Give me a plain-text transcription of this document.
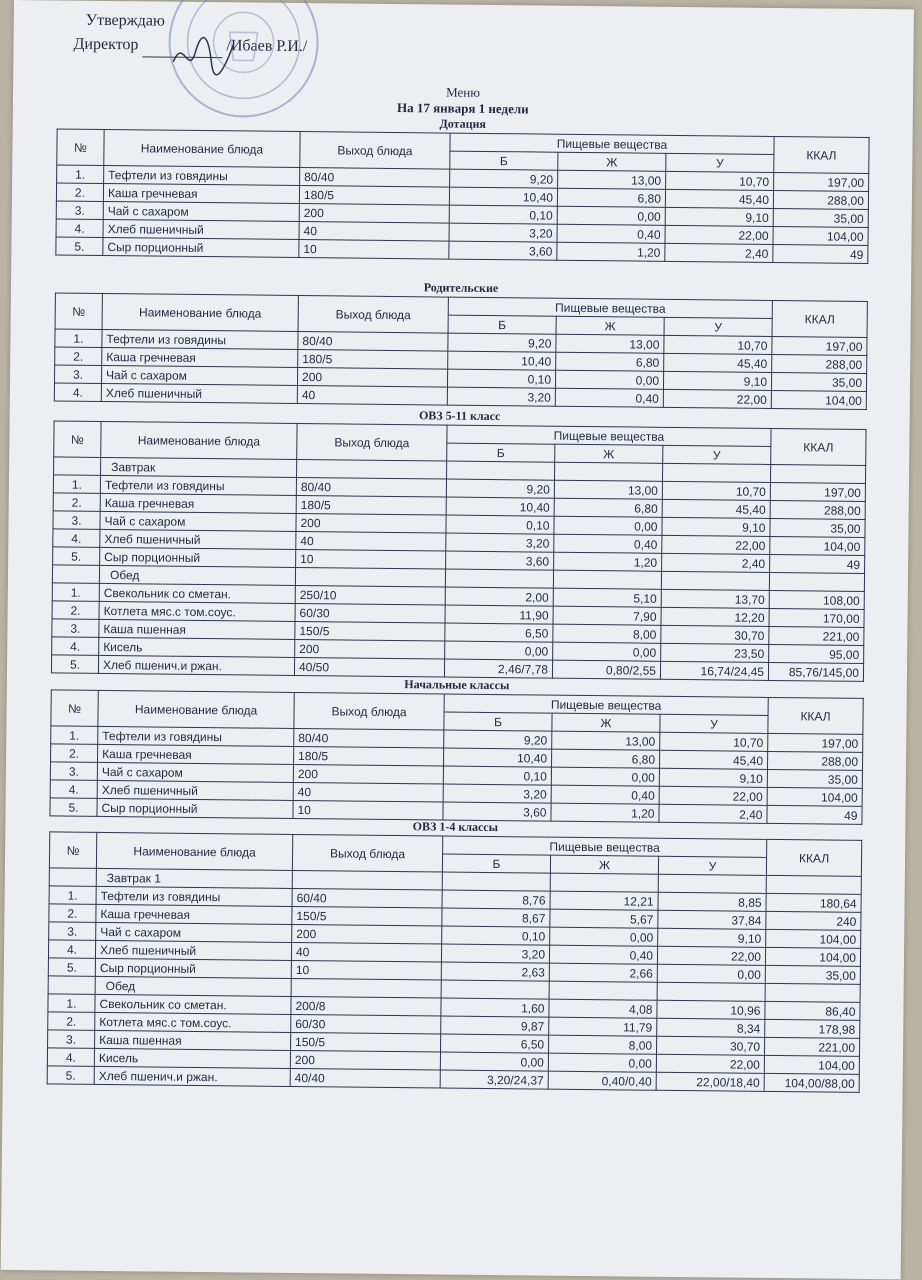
Утверждаю
Директор	/Ибаев Р.И./
Меню
На 17 января 1 недели
Дотация
№	Наименование блюда	Выход блюда	Пищевые вещества			ККАЛ
			Б	Ж	У	
1.	Тефтели из говядины	80/40	9,20	13,00	10,70	197,00
2.	Каша гречневая	180/5	10,40	6,80	45,40	288,00
3.	Чай с сахаром	200	0,10	0,00	9,10	35,00
4.	Хлеб пшеничный	40	3,20	0,40	22,00	104,00
5.	Сыр порционный	10	3,60	1,20	2,40	49
Родительские
№	Наименование блюда	Выход блюда	Пищевые вещества			ККАЛ
			Б	Ж	У	
1.	Тефтели из говядины	80/40	9,20	13,00	10,70	197,00
2.	Каша гречневая	180/5	10,40	6,80	45,40	288,00
3.	Чай с сахаром	200	0,10	0,00	9,10	35,00
4.	Хлеб пшеничный	40	3,20	0,40	22,00	104,00
ОВЗ 5-11 класс
№	Наименование блюда	Выход блюда	Пищевые вещества			ККАЛ
			Б	Ж	У	
	Завтрак					
1.	Тефтели из говядины	80/40	9,20	13,00	10,70	197,00
2.	Каша гречневая	180/5	10,40	6,80	45,40	288,00
3.	Чай с сахаром	200	0,10	0,00	9,10	35,00
4.	Хлеб пшеничный	40	3,20	0,40	22,00	104,00
5.	Сыр порционный	10	3,60	1,20	2,40	49
	Обед					
1.	Свекольник со сметан.	250/10	2,00	5,10	13,70	108,00
2.	Котлета мяс.с том.соус.	60/30	11,90	7,90	12,20	170,00
3.	Каша пшенная	150/5	6,50	8,00	30,70	221,00
4.	Кисель	200	0,00	0,00	23,50	95,00
5.	Хлеб пшенич.и ржан.	40/50	2,46/7,78	0,80/2,55	16,74/24,45	85,76/145,00
Начальные классы
№	Наименование блюда	Выход блюда	Пищевые вещества			ККАЛ
			Б	Ж	У	
1.	Тефтели из говядины	80/40	9,20	13,00	10,70	197,00
2.	Каша гречневая	180/5	10,40	6,80	45,40	288,00
3.	Чай с сахаром	200	0,10	0,00	9,10	35,00
4.	Хлеб пшеничный	40	3,20	0,40	22,00	104,00
5.	Сыр порционный	10	3,60	1,20	2,40	49
ОВЗ 1-4 классы
№	Наименование блюда	Выход блюда	Пищевые вещества			ККАЛ
			Б	Ж	У	
	Завтрак 1					
1.	Тефтели из говядины	60/40	8,76	12,21	8,85	180,64
2.	Каша гречневая	150/5	8,67	5,67	37,84	240
3.	Чай с сахаром	200	0,10	0,00	9,10	104,00
4.	Хлеб пшеничный	40	3,20	0,40	22,00	104,00
5.	Сыр порционный	10	2,63	2,66	0,00	35,00
	Обед					
1.	Свекольник со сметан.	200/8	1,60	4,08	10,96	86,40
2.	Котлета мяс.с том.соус.	60/30	9,87	11,79	8,34	178,98
3.	Каша пшенная	150/5	6,50	8,00	30,70	221,00
4.	Кисель	200	0,00	0,00	22,00	104,00
5.	Хлеб пшенич.и ржан.	40/40	3,20/24,37	0,40/0,40	22,00/18,40	104,00/88,00
